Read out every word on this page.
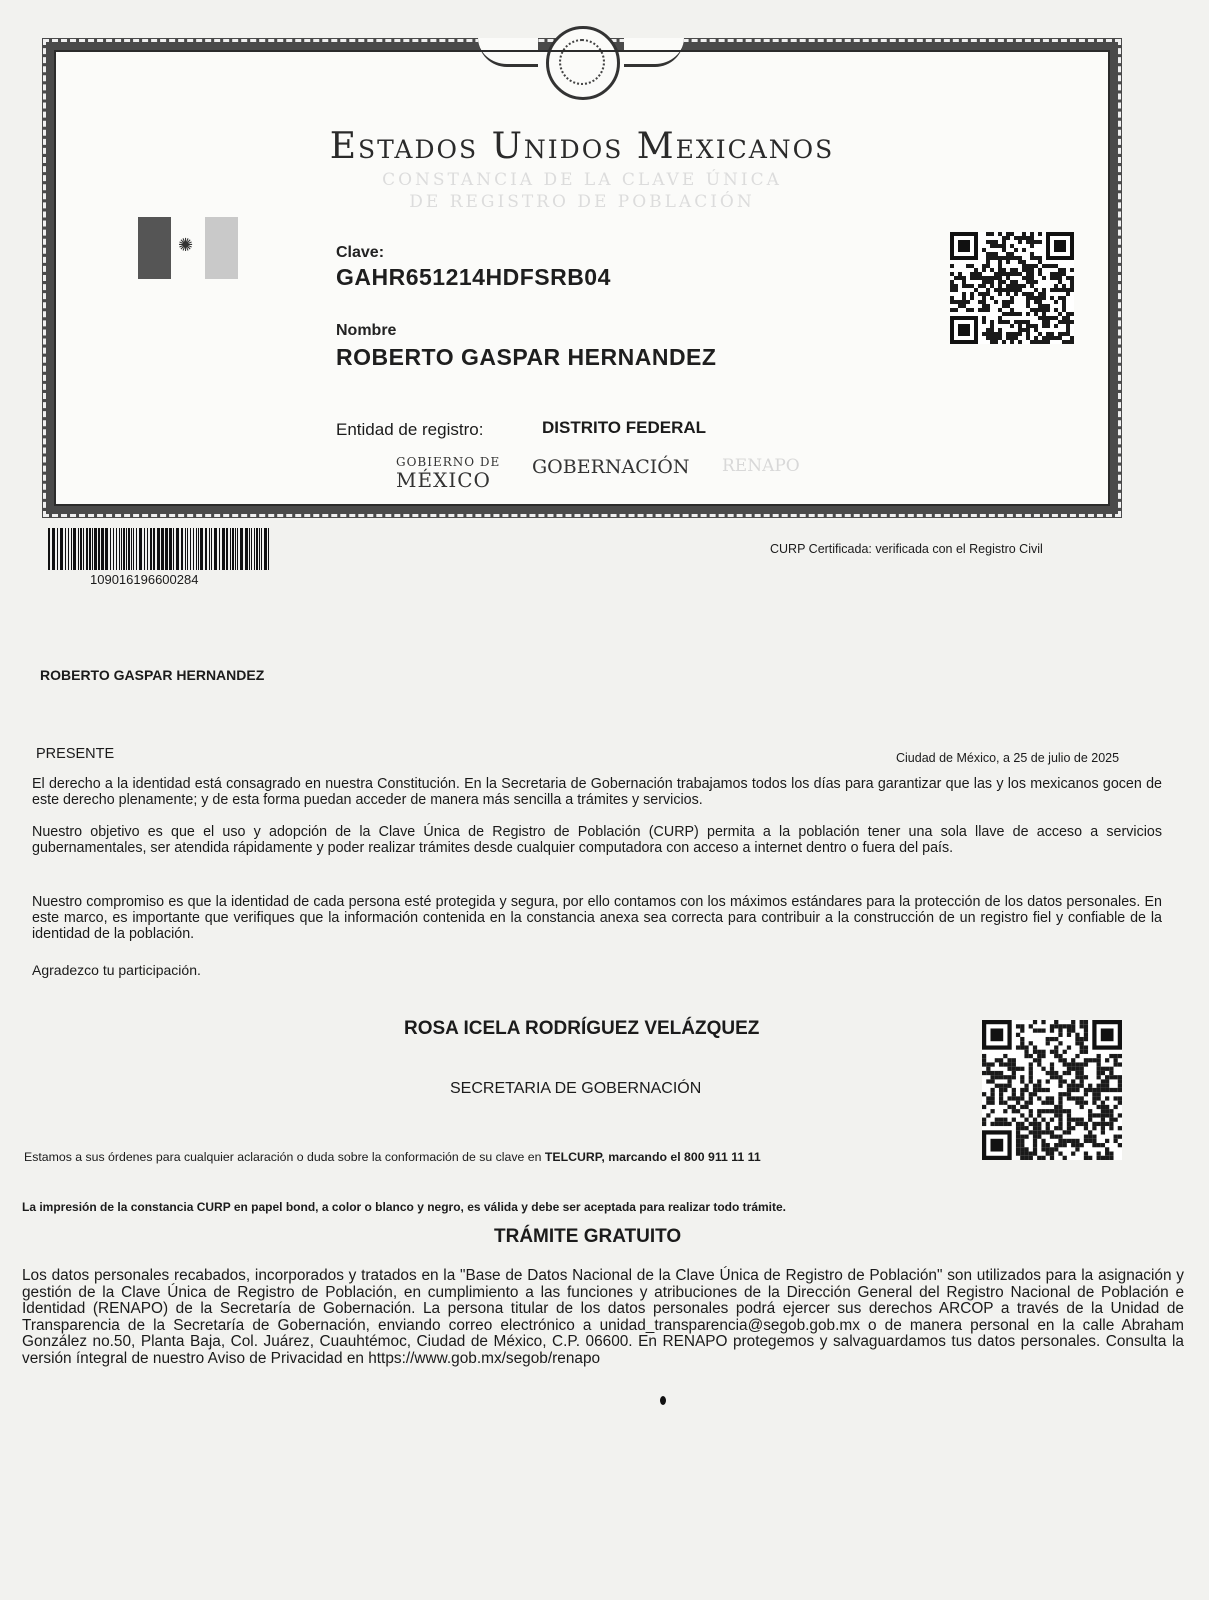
Estados Unidos Mexicanos
CONSTANCIA DE LA CLAVE ÚNICA
DE REGISTRO DE POBLACIÓN
✺	Clave:
GAHR651214HDFSRB04
Nombre
ROBERTO GASPAR HERNANDEZ
Entidad de registro:	DISTRITO FEDERAL
GOBIERNO DE
MÉXICO
GOBERNACIÓN RENAPO
109016196600284
CURP Certificada: verificada con el Registro Civil
ROBERTO GASPAR HERNANDEZ
PRESENTE	Ciudad de México, a 25 de julio de 2025
El derecho a la identidad está consagrado en nuestra Constitución. En la Secretaria de Gobernación trabajamos todos los días para garantizar que las y los mexicanos gocen de este derecho plenamente; y de esta forma puedan acceder de manera más sencilla a trámites y servicios.
Nuestro objetivo es que el uso y adopción de la Clave Única de Registro de Población (CURP) permita a la población tener una sola llave de acceso a servicios gubernamentales, ser atendida rápidamente y poder realizar trámites desde cualquier computadora con acceso a internet dentro o fuera del país.
Nuestro compromiso es que la identidad de cada persona esté protegida y segura, por ello contamos con los máximos estándares para la protección de los datos personales. En este marco, es importante que verifiques que la información contenida en la constancia anexa sea correcta para contribuir a la construcción de un registro fiel y confiable de la identidad de la población.
Agradezco tu participación.
ROSA ICELA RODRÍGUEZ VELÁZQUEZ
SECRETARIA DE GOBERNACIÓN
Estamos a sus órdenes para cualquier aclaración o duda sobre la conformación de su clave en TELCURP, marcando el 800 911 11 11
La impresión de la constancia CURP en papel bond, a color o blanco y negro, es válida y debe ser aceptada para realizar todo trámite.
TRÁMITE GRATUITO
Los datos personales recabados, incorporados y tratados en la "Base de Datos Nacional de la Clave Única de Registro de Población" son utilizados para la asignación y gestión de la Clave Única de Registro de Población, en cumplimiento a las funciones y atribuciones de la Dirección General del Registro Nacional de Población e Identidad (RENAPO) de la Secretaría de Gobernación. La persona titular de los datos personales podrá ejercer sus derechos ARCOP a través de la Unidad de Transparencia de la Secretaría de Gobernación, enviando correo electrónico a unidad_transparencia@segob.gob.mx o de manera personal en la calle Abraham González no.50, Planta Baja, Col. Juárez, Cuauhtémoc, Ciudad de México, C.P. 06600. En RENAPO protegemos y salvaguardamos tus datos personales. Consulta la versión íntegral de nuestro Aviso de Privacidad en https://www.gob.mx/segob/renapo
